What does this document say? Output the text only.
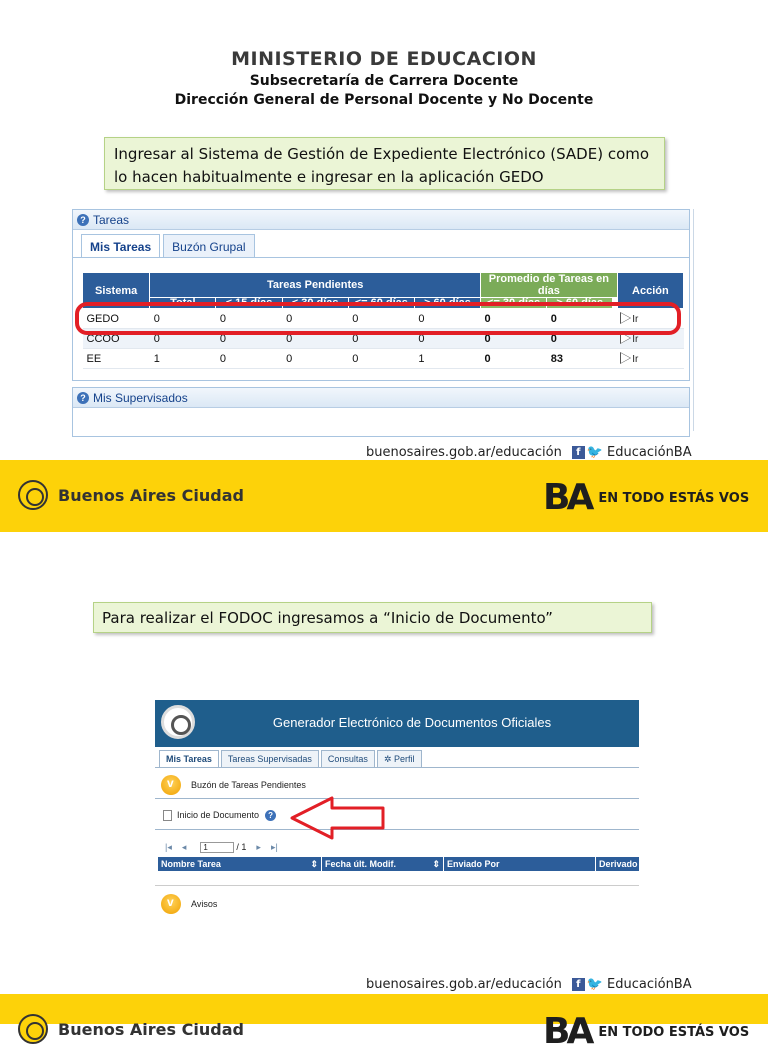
MINISTERIO DE EDUCACION
Subsecretaría de Carrera Docente
Dirección General de Personal Docente y No Docente
Ingresar al Sistema de Gestión de Expediente Electrónico (SADE) como lo hacen habitualmente e ingresar en la aplicación GEDO
? Tareas
Mis Tareas	Buzón Grupal
Sistema	Tareas Pendientes					Promedio de Tareas en días			Acción
	Total	< 15 días	< 30 días	<= 60 días	> 60 días	<= 30 días	> 60 días		
GEDO	0	0	0	0	0	0	0		Ir
CCOO	0	0	0	0	0	0	0		Ir
EE	1	0	0	0	1	0	83		Ir
? Mis Supervisados
buenosaires.gob.ar/educación	f 🐦 EducaciónBA
Buenos Aires Ciudad	BA EN TODO ESTÁS VOS
Para realizar el FODOC ingresamos a “Inicio de Documento”
Generador Electrónico de Documentos Oficiales
Mis Tareas	Tareas Supervisadas	Consultas	✲ Perfil
v
Buzón de Tareas Pendientes
Inicio de Documento	?
|◂ ◂	1	/ 1 ▸ ▸|
Nombre Tarea	⇕ Fecha últ. Modif.	⇕ Enviado Por	Derivado
v
Avisos
buenosaires.gob.ar/educación	f 🐦 EducaciónBA
Buenos Aires Ciudad	BA EN TODO ESTÁS VOS
